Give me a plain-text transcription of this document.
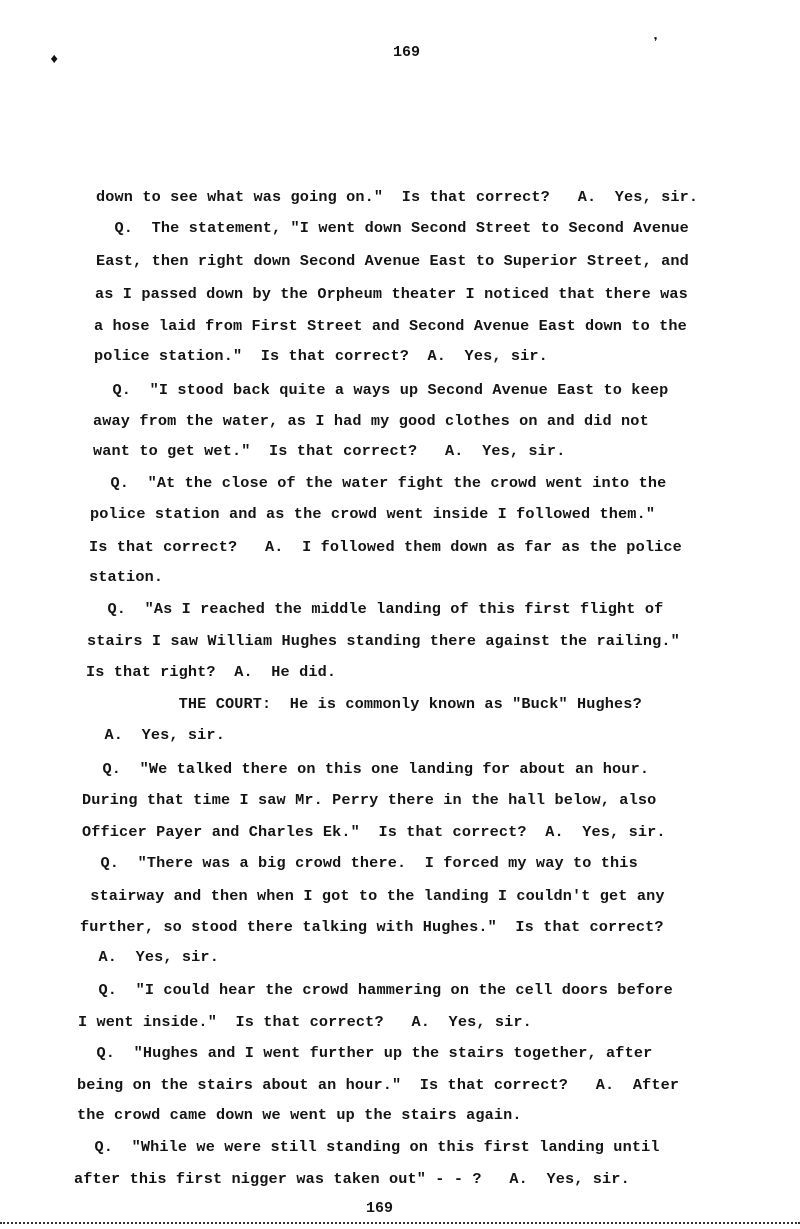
♦	169	❜
down to see what was going on."  Is that correct?   A.  Yes, sir.
Q.  The statement, "I went down Second Street to Second Avenue
East, then right down Second Avenue East to Superior Street, and
as I passed down by the Orpheum theater I noticed that there was
a hose laid from First Street and Second Avenue East down to the
police station."  Is that correct?  A.  Yes, sir.
Q.  "I stood back quite a ways up Second Avenue East to keep
away from the water, as I had my good clothes on and did not
want to get wet."  Is that correct?   A.  Yes, sir.
Q.  "At the close of the water fight the crowd went into the
police station and as the crowd went inside I followed them."
Is that correct?   A.  I followed them down as far as the police
station.
Q.  "As I reached the middle landing of this first flight of
stairs I saw William Hughes standing there against the railing."
Is that right?  A.  He did.
THE COURT:  He is commonly known as "Buck" Hughes?
A.  Yes, sir.
Q.  "We talked there on this one landing for about an hour.
During that time I saw Mr. Perry there in the hall below, also
Officer Payer and Charles Ek."  Is that correct?  A.  Yes, sir.
Q.  "There was a big crowd there.  I forced my way to this
stairway and then when I got to the landing I couldn't get any
further, so stood there talking with Hughes."  Is that correct?
A.  Yes, sir.
Q.  "I could hear the crowd hammering on the cell doors before
I went inside."  Is that correct?   A.  Yes, sir.
Q.  "Hughes and I went further up the stairs together, after
being on the stairs about an hour."  Is that correct?   A.  After
the crowd came down we went up the stairs again.
Q.  "While we were still standing on this first landing until
after this first nigger was taken out" - - ?   A.  Yes, sir.
169
